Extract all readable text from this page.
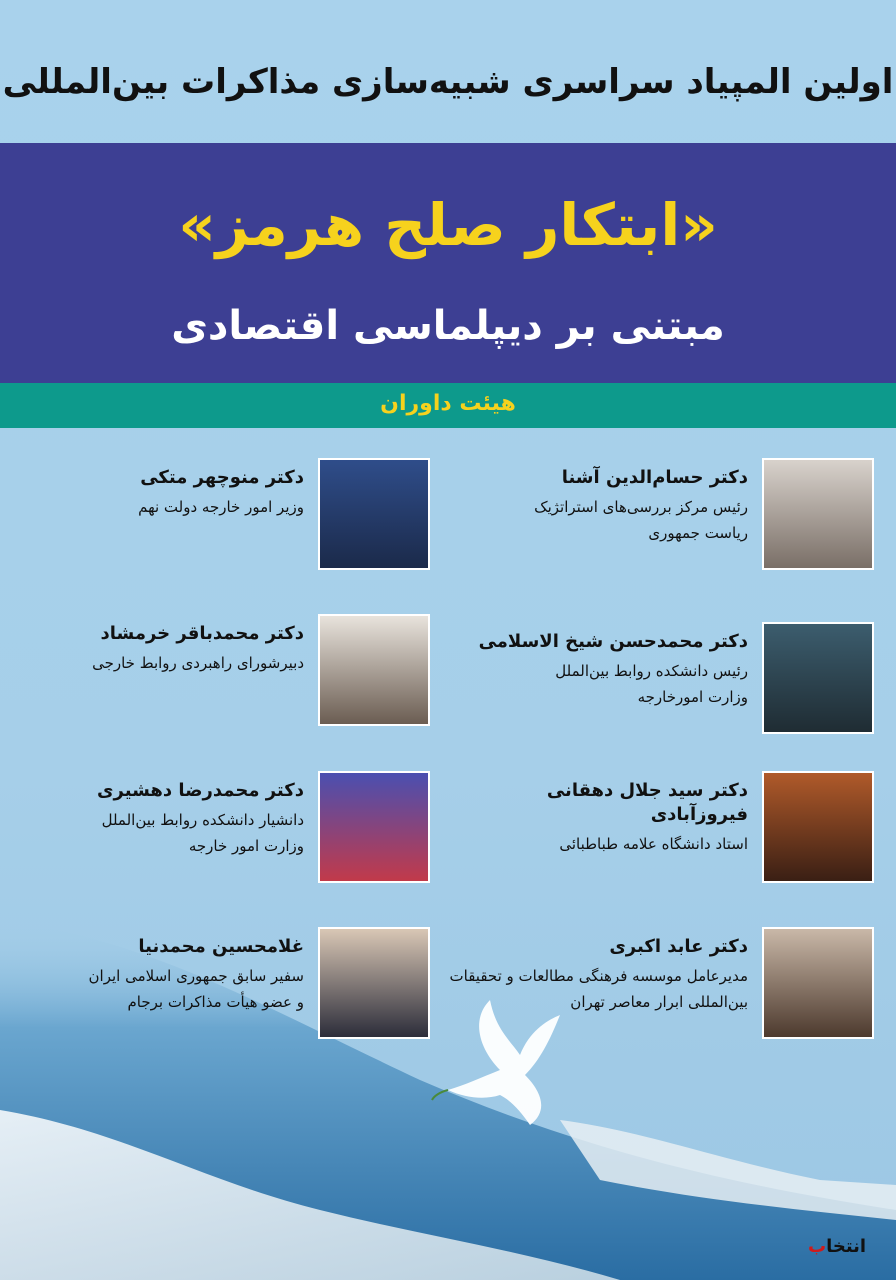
اولین المپیاد سراسری شبیه‌سازی مذاکرات بین‌المللی
«ابتکار صلح هرمز»
مبتنی بر دیپلماسی اقتصادی
هیئت داوران
دکتر حسام‌الدین آشنا
رئیس مرکز بررسی‌های استراتژیک
ریاست جمهوری
دکتر محمدحسن شیخ الاسلامی
رئیس دانشکده روابط بین‌الملل
وزارت امورخارجه
دکتر سید جلال دهقانی فیروزآبادی
استاد دانشگاه علامه طباطبائی
دکتر عابد اکبری
مدیرعامل موسسه فرهنگی مطالعات و تحقیقات
بین‌المللی ابرار معاصر تهران
دکتر منوچهر متکی
وزیر امور خارجه دولت نهم
دکتر محمدباقر خرمشاد
دبیرشورای راهبردی روابط خارجی
دکتر محمدرضا دهشیری
دانشیار دانشکده روابط بین‌الملل
وزارت امور خارجه
غلامحسین محمدنیا
سفیر سابق جمهوری اسلامی ایران
و عضو هیأت مذاکرات برجام
انتخاب
